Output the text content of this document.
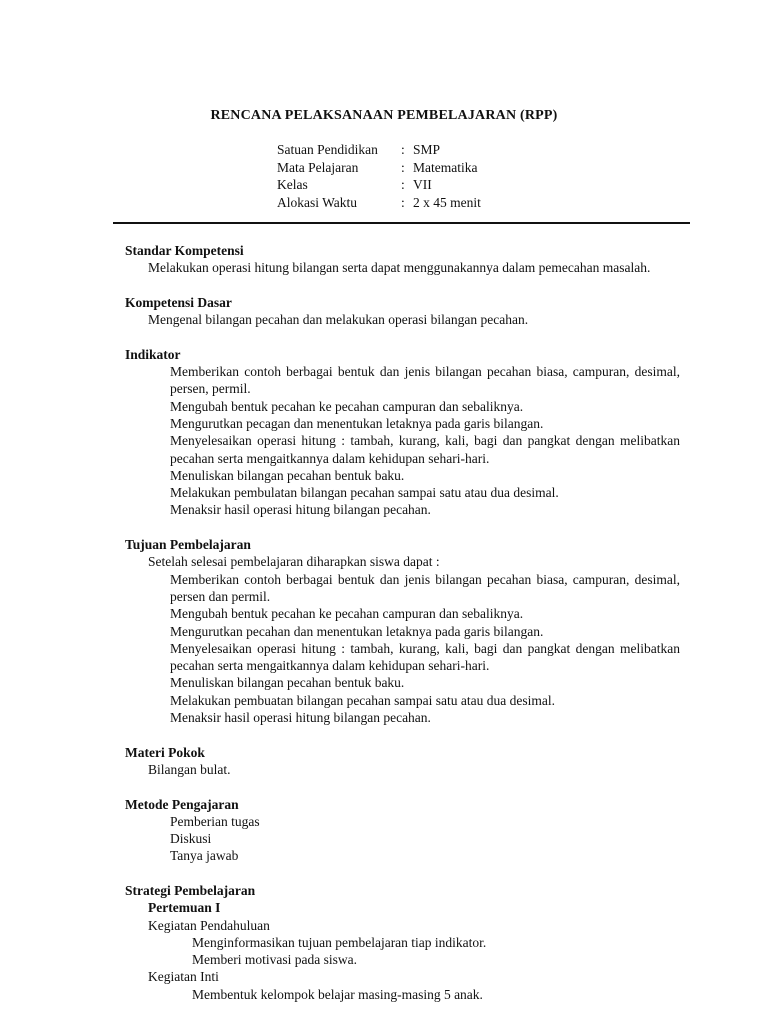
RENCANA PELAKSANAAN PEMBELAJARAN (RPP)
Satuan Pendidikan	: SMP
Mata Pelajaran	: Matematika
Kelas	: VII
Alokasi Waktu	: 2 x 45 menit
Standar Kompetensi
Melakukan operasi hitung bilangan serta dapat menggunakannya dalam pemecahan masalah.
Kompetensi Dasar
Mengenal bilangan pecahan dan melakukan operasi bilangan pecahan.
Indikator
Memberikan contoh berbagai bentuk dan jenis bilangan pecahan biasa, campuran, desimal, persen, permil.
Mengubah bentuk pecahan ke pecahan campuran dan sebaliknya.
Mengurutkan pecagan dan menentukan letaknya pada garis bilangan.
Menyelesaikan operasi hitung : tambah, kurang, kali, bagi dan pangkat dengan melibatkan pecahan serta mengaitkannya dalam kehidupan sehari-hari.
Menuliskan bilangan pecahan bentuk baku.
Melakukan pembulatan bilangan pecahan sampai satu atau dua desimal.
Menaksir hasil operasi hitung bilangan pecahan.
Tujuan Pembelajaran
Setelah selesai pembelajaran diharapkan siswa dapat :
Memberikan contoh berbagai bentuk dan jenis bilangan pecahan biasa, campuran, desimal, persen dan permil.
Mengubah bentuk pecahan ke pecahan campuran dan sebaliknya.
Mengurutkan pecahan dan menentukan letaknya pada garis bilangan.
Menyelesaikan operasi hitung : tambah, kurang, kali, bagi dan pangkat dengan melibatkan pecahan serta mengaitkannya dalam kehidupan sehari-hari.
Menuliskan bilangan pecahan bentuk baku.
Melakukan pembuatan bilangan pecahan sampai satu atau dua desimal.
Menaksir hasil operasi hitung bilangan pecahan.
Materi Pokok
Bilangan bulat.
Metode Pengajaran
Pemberian tugas
Diskusi
Tanya jawab
Strategi Pembelajaran
Pertemuan I
Kegiatan Pendahuluan
Menginformasikan tujuan pembelajaran tiap indikator.
Memberi motivasi pada siswa.
Kegiatan Inti
Membentuk kelompok belajar masing-masing 5 anak.
